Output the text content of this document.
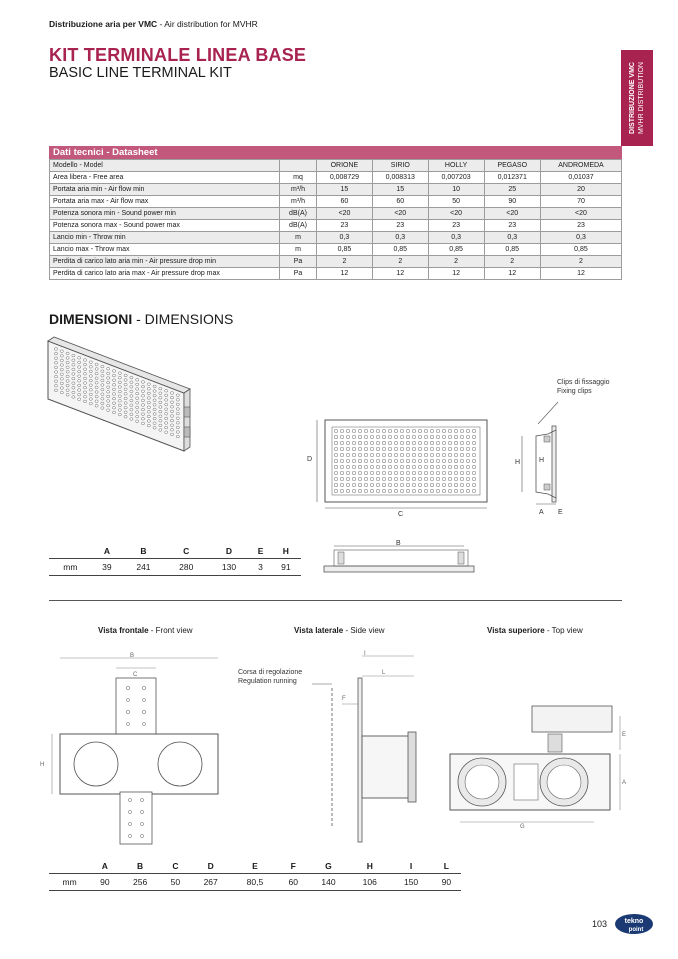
Distribuzione aria per VMC - Air distribution for MVHR
KIT TERMINALE LINEA BASE
BASIC LINE TERMINAL KIT	DISTRIBUZIONE VMC MVHR DISTRIBUTION
Dati tecnici - Datasheet
Modello - Model		ORIONE	SIRIO	HOLLY	PEGASO	ANDROMEDA
Area libera - Free area	mq	0,008729	0,008313	0,007203	0,012371	0,01037
Portata aria min - Air flow min	m³/h	15	15	10	25	20
Portata aria max - Air flow max	m³/h	60	60	50	90	70
Potenza sonora min - Sound power min	dB(A)	<20	<20	<20	<20	<20
Potenza sonora max - Sound power max	dB(A)	23	23	23	23	23
Lancio min - Throw min	m	0,3	0,3	0,3	0,3	0,3
Lancio max - Throw max	m	0,85	0,85	0,85	0,85	0,85
Perdita di carico lato aria min - Air pressure drop min	Pa	2	2	2	2	2
Perdita di carico lato aria max - Air pressure drop max	Pa	12	12	12	12	12
DIMENSIONI - DIMENSIONS
D
C
Clips di fissaggio
Fixing clips
H	H
A E
	A	B	C	D	E	H
mm	39	241	280	130	3	91
B
Vista frontale - Front view	Vista laterale - Side view	Vista superiore - Top view
B
C
H
Corsa di regolazione
Regulation running
I
L
F
A
E
G
	A	B	C	D	E	F	G	H	I	L
mm	90	256	50	267	80,5	60	140	106	150	90
103	tekno
point
